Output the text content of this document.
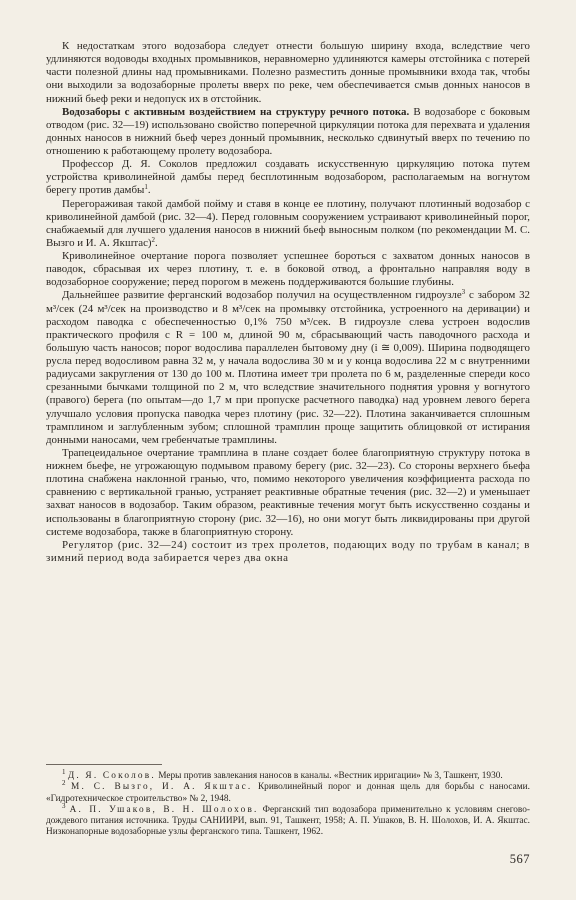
К недостаткам этого водозабора следует отнести большую ширину входа, вследствие чего удлиняются водоводы входных промывников, неравномерно удлиняются камеры отстойника с потерей части полезной длины над промывниками. Полезно разместить донные промывники входа так, чтобы они выходили за водозаборные пролеты вверх по реке, чем обеспечивается смыв донных наносов в нижний бьеф реки и недопуск их в отстойник.

Водозаборы с активным воздействием на структуру речного потока. В водозаборе с боковым отводом (рис. 32—19) использовано свойство поперечной циркуляции потока для перехвата и удаления донных наносов в нижний бьеф через донный промывник, несколько сдвинутый вверх по течению по отношению к работающему пролету водозабора.

Профессор Д. Я. Соколов предложил создавать искусственную циркуляцию потока путем устройства криволинейной дамбы перед бесплотинным водозабором, располагаемым на вогнутом берегу против дамбы$^1$.

Перегораживая такой дамбой пойму и ставя в конце ее плотину, получают плотинный водозабор с криволинейной дамбой (рис. 32—4). Перед головным сооружением устраивают криволинейный порог, снабжаемый для лучшего удаления наносов в нижний бьеф выносным полком (по рекомендации М. С. Вызго и И. А. Якштас)$^2$.

Криволинейное очертание порога позволяет успешнее бороться с захватом донных наносов в паводок, сбрасывая их через плотину, т. е. в боковой отвод, а фронтально направляя воду в водозаборное сооружение; перед порогом в межень поддерживаются большие глубины.

Дальнейшее развитие ферганский водозабор получил на осуществленном гидроузле$^3$ с забором 32 м³/сек (24 м³/сек на производство и 8 м³/сек на промывку отстойника, устроенного на деривации) и расходом паводка с обеспеченностью 0,1% 750 м³/сек. В гидроузле слева устроен водослив практического профиля с R = 100 м, длиной 90 м, сбрасывающий часть паводочного расхода и большую часть наносов; порог водослива параллелен бытовому дну (i ≅ 0,009). Ширина подводящего русла перед водосливом равна 32 м, у начала водослива 30 м и у конца водослива 22 м с внутренними радиусами закругления от 130 до 100 м. Плотина имеет три пролета по 6 м, разделенные спереди косо срезанными бычками толщиной по 2 м, что вследствие значительного поднятия уровня у вогнутого (правого) берега (по опытам—до 1,7 м при пропуске расчетного паводка) над уровнем левого берега улучшало условия пропуска паводка через плотину (рис. 32—22). Плотина заканчивается сплошным трамплином и заглубленным зубом; сплошной трамплин проще защитить облицовкой от истирания донными наносами, чем гребенчатые трамплины.

Трапецеидальное очертание трамплина в плане создает более благоприятную структуру потока в нижнем бьефе, не угрожающую подмывом правому берегу (рис. 32—23). Со стороны верхнего бьефа плотина снабжена наклонной гранью, что, помимо некоторого увеличения коэффициента расхода по сравнению с вертикальной гранью, устраняет реактивные обратные течения (рис. 32—2) и уменьшает захват наносов в водозабор. Таким образом, реактивные течения могут быть искусственно созданы и использованы в благоприятную сторону (рис. 32—16), но они могут быть ликвидированы при другой системе водозабора, также в благоприятную сторону.

Регулятор (рис. 32—24) состоит из трех пролетов, подающих воду по трубам в канал; в зимний период вода забирается через два окна

$^1$ Д. Я. Соколов. Меры против завлекания наносов в каналы. «Вестник ирригации» № 3, Ташкент, 1930.

$^2$ М. С. Вызго, И. А. Якштас. Криволинейный порог и донная щель для борьбы с наносами. «Гидротехническое строительство» № 2, 1948.

$^3$ А. П. Ушаков, В. Н. Шолохов. Ферганский тип водозабора применительно к условиям снегово-дождевого питания источника. Труды САНИИРИ, вып. 91, Ташкент, 1958; А. П. Ушаков, В. Н. Шолохов, И. А. Якштас. Низконапорные водозаборные узлы ферганского типа. Ташкент, 1962.

567
